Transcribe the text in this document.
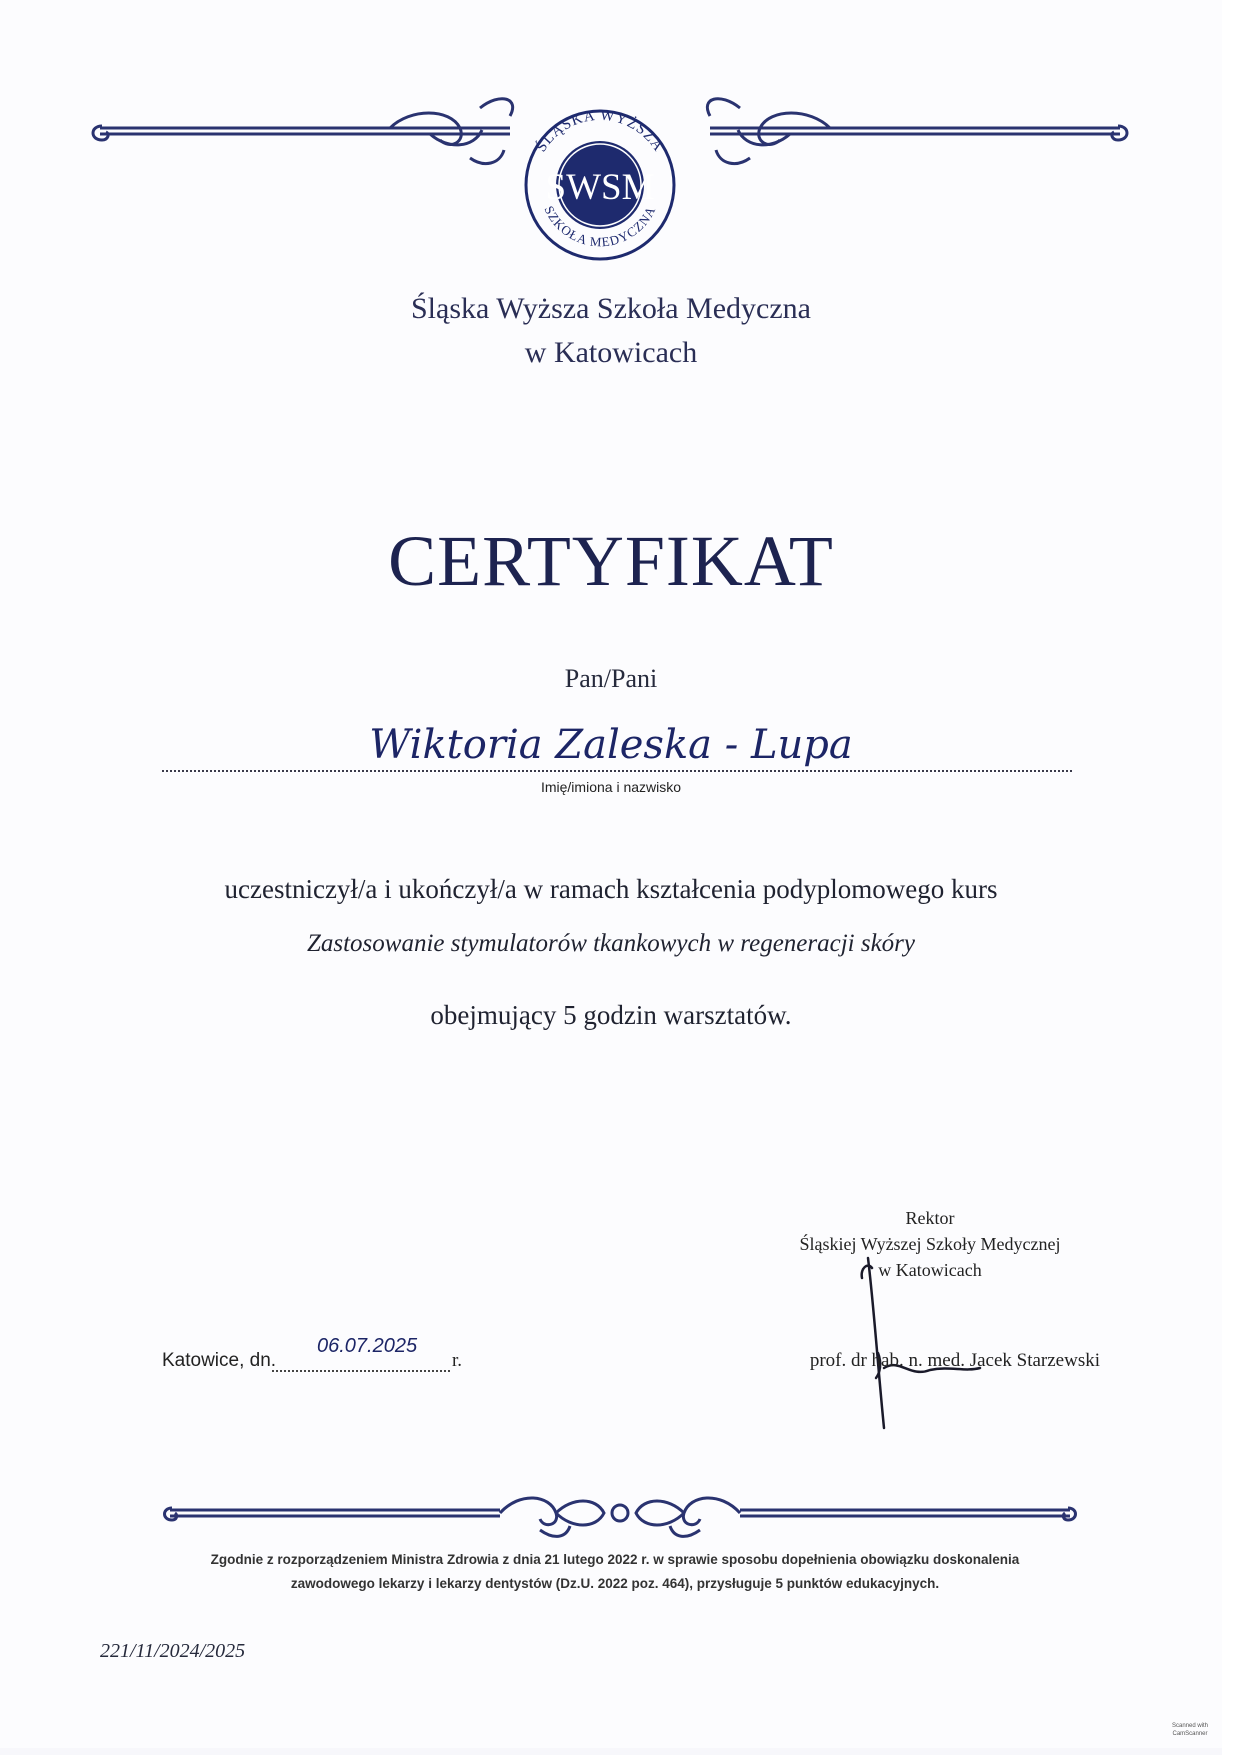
SWSM
ŚLĄSKA WYŻSZA
SZKOŁA MEDYCZNA
Śląska Wyższa Szkoła Medyczna
w Katowicach
CERTYFIKAT
Pan/Pani
Wiktoria Zaleska - Lupa
Imię/imiona i nazwisko
uczestniczył/a i ukończył/a w ramach kształcenia podyplomowego kurs
Zastosowanie stymulatorów tkankowych w regeneracji skóry
obejmujący 5 godzin warsztatów.
Rektor
Śląskiej Wyższej Szkoły Medycznej
w Katowicach
prof. dr hab. n. med. Jacek Starzewski
Katowice, dn.
06.07.2025
r.
Zgodnie z rozporządzeniem Ministra Zdrowia z dnia 21 lutego 2022 r. w sprawie sposobu dopełnienia obowiązku doskonalenia
zawodowego lekarzy i lekarzy dentystów (Dz.U. 2022 poz. 464), przysługuje 5 punktów edukacyjnych.
221/11/2024/2025
Scanned with
CamScanner
